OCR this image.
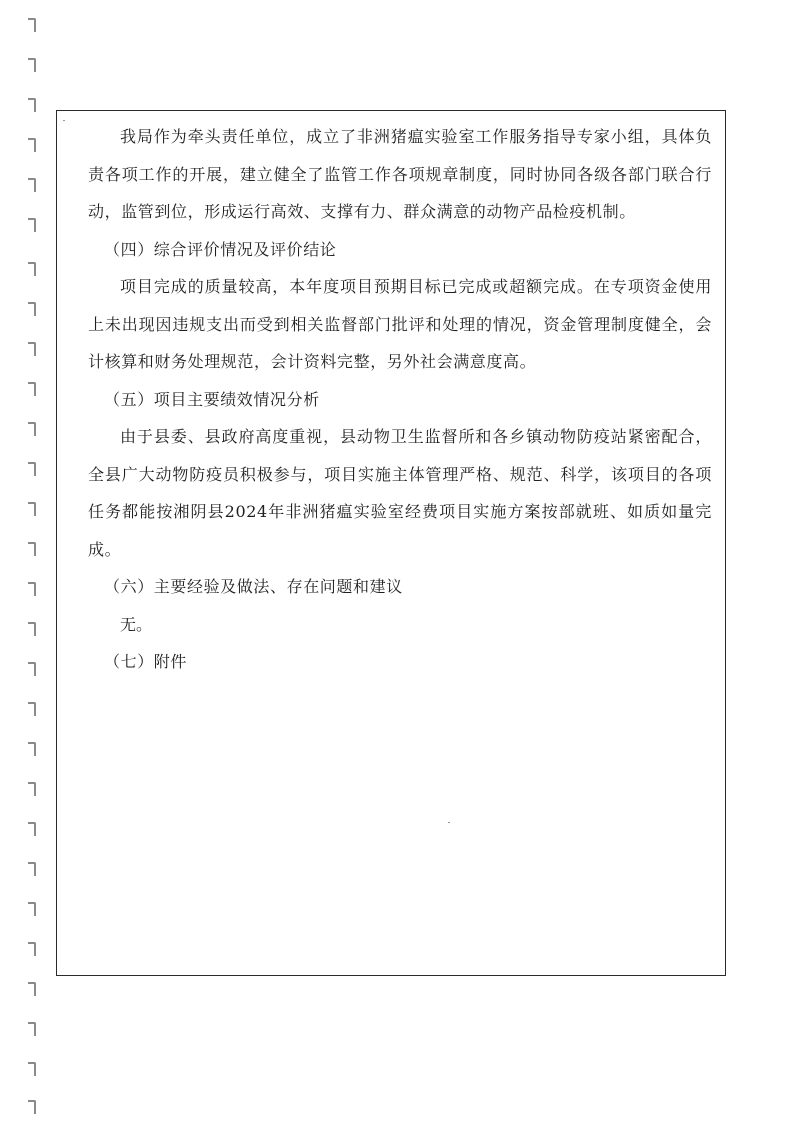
我局作为牵头责任单位，成立了非洲猪瘟实验室工作服务指导专家小组，具体负责各项工作的开展，建立健全了监管工作各项规章制度，同时协同各级各部门联合行动，监管到位，形成运行高效、支撑有力、群众满意的动物产品检疫机制。

（四）综合评价情况及评价结论

项目完成的质量较高，本年度项目预期目标已完成或超额完成。在专项资金使用上未出现因违规支出而受到相关监督部门批评和处理的情况，资金管理制度健全，会计核算和财务处理规范，会计资料完整，另外社会满意度高。

（五）项目主要绩效情况分析

由于县委、县政府高度重视，县动物卫生监督所和各乡镇动物防疫站紧密配合，全县广大动物防疫员积极参与，项目实施主体管理严格、规范、科学，该项目的各项任务都能按湘阴县2024年非洲猪瘟实验室经费项目实施方案按部就班、如质如量完成。

（六）主要经验及做法、存在问题和建议

无。

（七）附件
